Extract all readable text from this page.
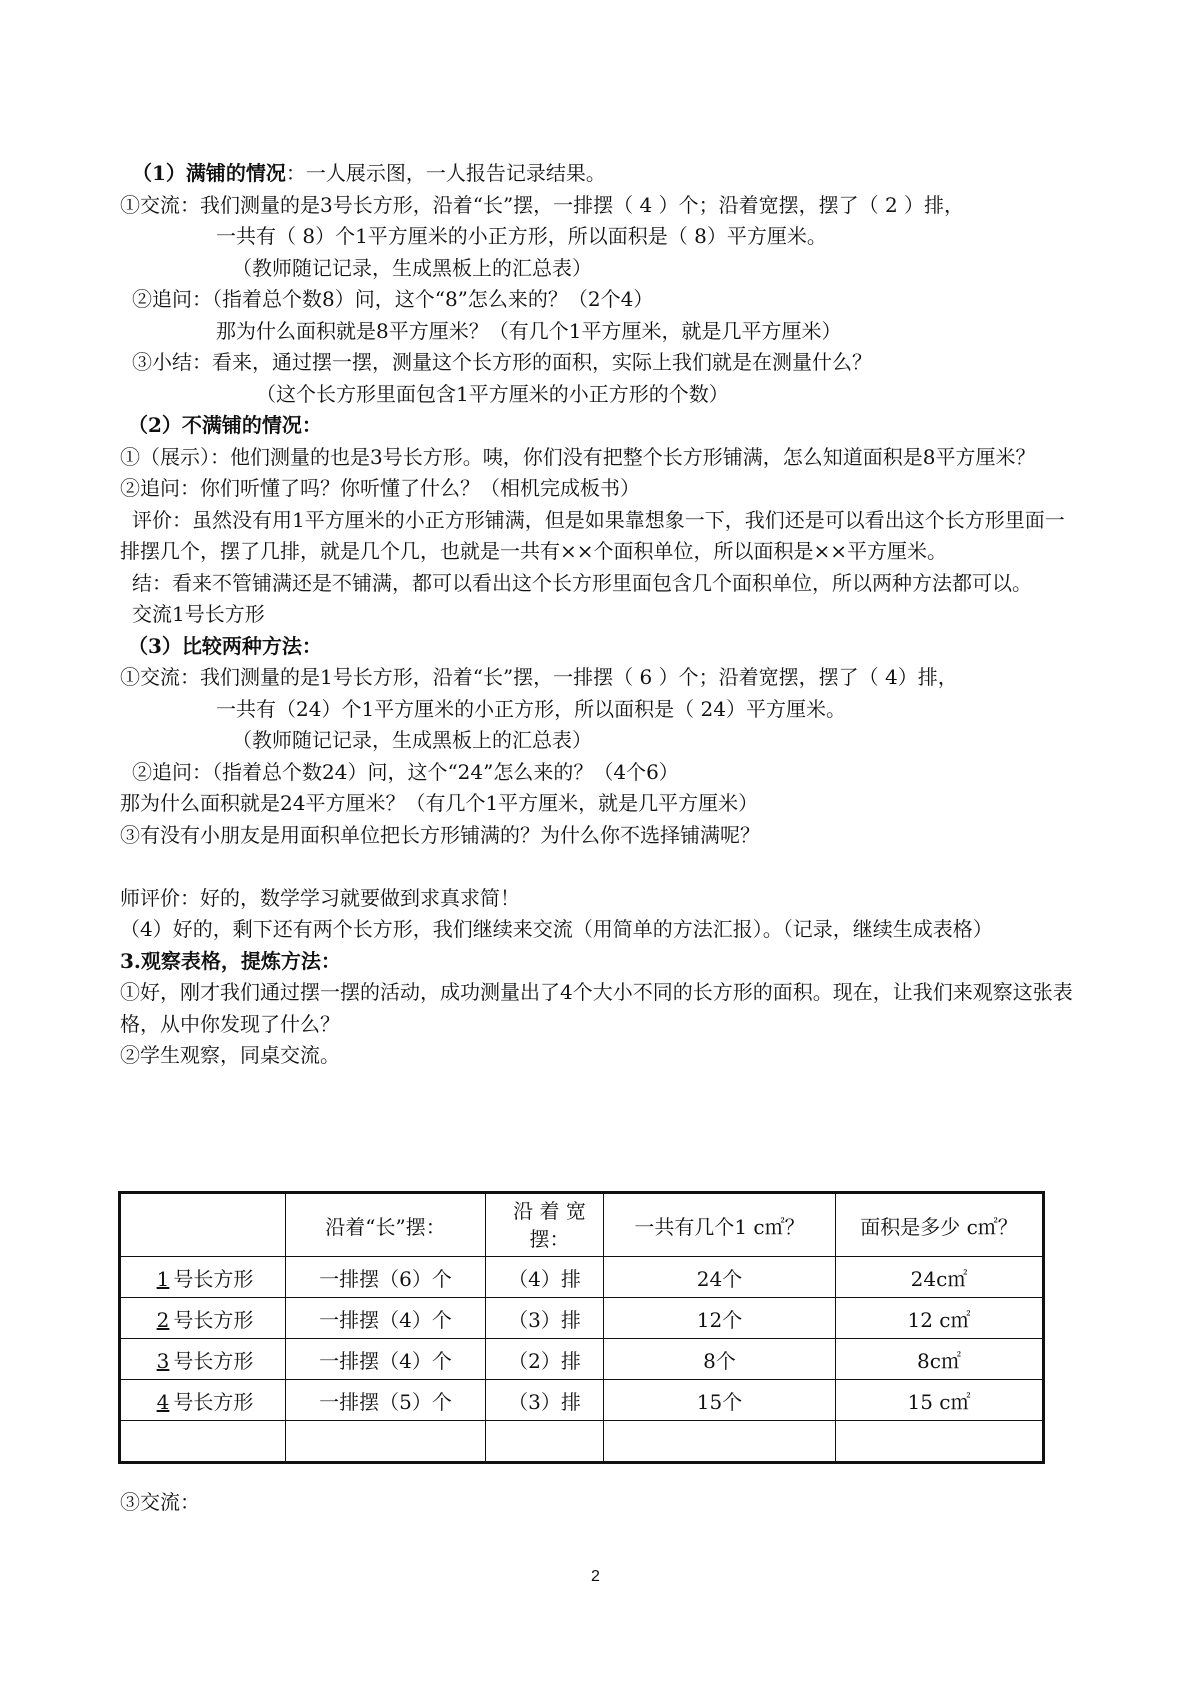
（1）满铺的情况：一人展示图，一人报告记录结果。
①交流：我们测量的是3号长方形，沿着“长”摆，一排摆（ 4 ）个；沿着宽摆，摆了（ 2 ）排，
一共有（ 8）个1平方厘米的小正方形，所以面积是（ 8）平方厘米。
（教师随记记录，生成黑板上的汇总表）
②追问：（指着总个数8）问，这个“8”怎么来的？（2个4）
那为什么面积就是8平方厘米？（有几个1平方厘米，就是几平方厘米）
③小结：看来，通过摆一摆，测量这个长方形的面积，实际上我们就是在测量什么？
（这个长方形里面包含1平方厘米的小正方形的个数）
（2）不满铺的情况：
①（展示）：他们测量的也是3号长方形。咦，你们没有把整个长方形铺满，怎么知道面积是8平方厘米？
②追问：你们听懂了吗？你听懂了什么？（相机完成板书）
评价：虽然没有用1平方厘米的小正方形铺满，但是如果靠想象一下，我们还是可以看出这个长方形里面一排摆几个，摆了几排，就是几个几，也就是一共有××个面积单位，所以面积是××平方厘米。
结：看来不管铺满还是不铺满，都可以看出这个长方形里面包含几个面积单位，所以两种方法都可以。
交流1号长方形
（3）比较两种方法：
①交流：我们测量的是1号长方形，沿着“长”摆，一排摆（ 6 ）个；沿着宽摆，摆了（ 4）排，
一共有（24）个1平方厘米的小正方形，所以面积是（ 24）平方厘米。
（教师随记记录，生成黑板上的汇总表）
②追问：（指着总个数24）问，这个“24”怎么来的？（4个6）
那为什么面积就是24平方厘米？（有几个1平方厘米，就是几平方厘米）
③有没有小朋友是用面积单位把长方形铺满的？为什么你不选择铺满呢？
师评价：好的，数学学习就要做到求真求简！
（4）好的，剩下还有两个长方形，我们继续来交流（用简单的方法汇报）。（记录，继续生成表格）
3.观察表格，提炼方法：
①好，刚才我们通过摆一摆的活动，成功测量出了4个大小不同的长方形的面积。现在，让我们来观察这张表格，从中你发现了什么？
②学生观察，同桌交流。
	沿着“长”摆：	沿 着 宽 摆：	一共有几个1 c㎡？	面积是多少 c㎡？
1 号长方形	一排摆（6）个	（4）排	24个	24c㎡
2 号长方形	一排摆（4）个	（3）排	12个	12 c㎡
3 号长方形	一排摆（4）个	（2）排	8个	8c㎡
4 号长方形	一排摆（5）个	（3）排	15个	15 c㎡

③交流：
2
